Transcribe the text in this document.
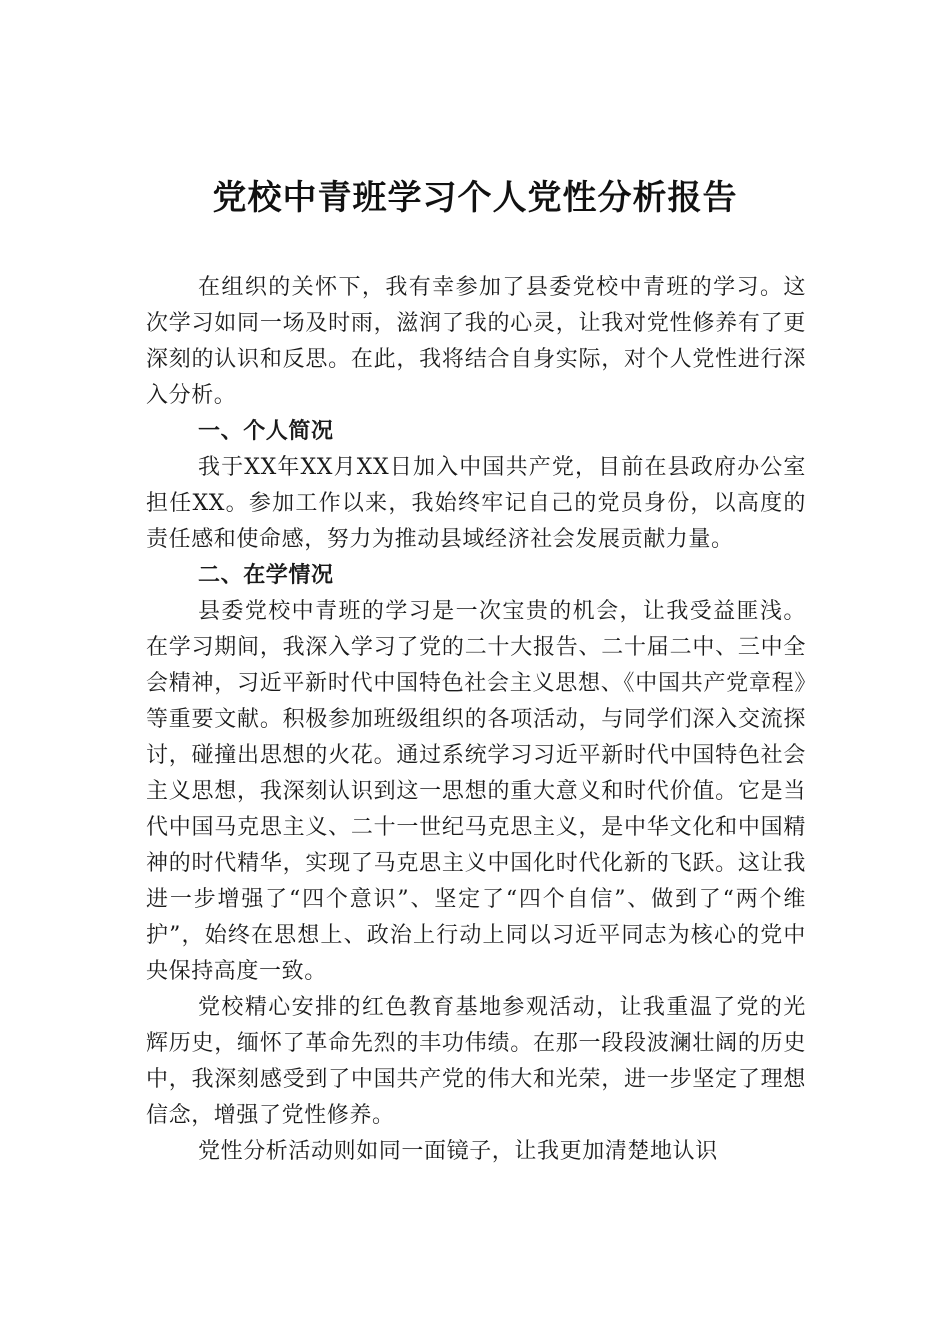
党校中青班学习个人党性分析报告

在组织的关怀下，我有幸参加了县委党校中青班的学习。这次学习如同一场及时雨，滋润了我的心灵，让我对党性修养有了更深刻的认识和反思。在此，我将结合自身实际，对个人党性进行深入分析。

一、个人简况

我于XX年XX月XX日加入中国共产党，目前在县政府办公室担任XX。参加工作以来，我始终牢记自己的党员身份，以高度的责任感和使命感，努力为推动县域经济社会发展贡献力量。

二、在学情况

县委党校中青班的学习是一次宝贵的机会，让我受益匪浅。在学习期间，我深入学习了党的二十大报告、二十届二中、三中全会精神，习近平新时代中国特色社会主义思想、《中国共产党章程》等重要文献。积极参加班级组织的各项活动，与同学们深入交流探讨，碰撞出思想的火花。通过系统学习习近平新时代中国特色社会主义思想，我深刻认识到这一思想的重大意义和时代价值。它是当代中国马克思主义、二十一世纪马克思主义，是中华文化和中国精神的时代精华，实现了马克思主义中国化时代化新的飞跃。这让我进一步增强了“四个意识”、坚定了“四个自信”、做到了“两个维护”，始终在思想上、政治上行动上同以习近平同志为核心的党中央保持高度一致。

党校精心安排的红色教育基地参观活动，让我重温了党的光辉历史，缅怀了革命先烈的丰功伟绩。在那一段段波澜壮阔的历史中，我深刻感受到了中国共产党的伟大和光荣，进一步坚定了理想信念，增强了党性修养。

党性分析活动则如同一面镜子，让我更加清楚地认识
